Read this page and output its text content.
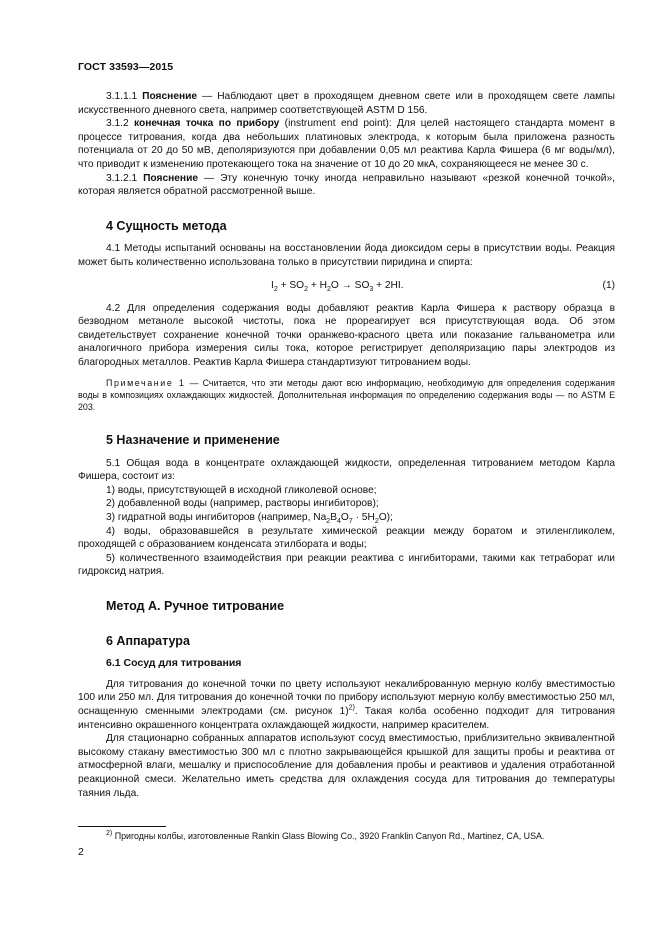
ГОСТ 33593—2015

3.1.1.1 Пояснение — Наблюдают цвет в проходящем дневном свете или в проходящем свете лампы искусственного дневного света, например соответствующей ASTM D 156.

3.1.2 конечная точка по прибору (instrument end point): Для целей настоящего стандарта момент в процессе титрования, когда два небольших платиновых электрода, к которым была приложена разность потенциала от 20 до 50 мВ, деполяризуются при добавлении 0,05 мл реактива Карла Фишера (6 мг воды/мл), что приводит к изменению протекающего тока на значение от 10 до 20 мкА, сохраняющееся не менее 30 с.

3.1.2.1 Пояснение — Эту конечную точку иногда неправильно называют «резкой конечной точкой», которая является обратной рассмотренной выше.

4 Сущность метода

4.1 Методы испытаний основаны на восстановлении йода диоксидом серы в присутствии воды. Реакция может быть количественно использована только в присутствии пиридина и спирта:

$I_2 + SO_2 + H_2O \to SO_3 + 2HI$.	(1)

4.2 Для определения содержания воды добавляют реактив Карла Фишера к раствору образца в безводном метаноле высокой чистоты, пока не прореагирует вся присутствующая вода. Об этом свидетельствует сохранение конечной точки оранжево-красного цвета или показание гальванометра или аналогичного прибора измерения силы тока, которое регистрирует деполяризацию пары электродов из благородных металлов. Реактив Карла Фишера стандартизуют титрованием воды.

Примечание 1 — Считается, что эти методы дают всю информацию, необходимую для определения содержания воды в композициях охлаждающих жидкостей. Дополнительная информация по определению содержания воды — по ASTM E 203.

5 Назначение и применение

5.1 Общая вода в концентрате охлаждающей жидкости, определенная титрованием методом Карла Фишера, состоит из:

1) воды, присутствующей в исходной гликолевой основе;

2) добавленной воды (например, растворы ингибиторов);

3) гидратной воды ингибиторов (например, $Na_2B_4O_7 \cdot 5H_2O$);

4) воды, образовавшейся в результате химической реакции между боратом и этиленгликолем, проходящей с образованием конденсата этилбората и воды;

5) количественного взаимодействия при реакции реактива с ингибиторами, такими как тетраборат или гидроксид натрия.

Метод А. Ручное титрование
6 Аппаратура
6.1 Сосуд для титрования

Для титрования до конечной точки по цвету используют некалиброванную мерную колбу вместимостью 100 или 250 мл. Для титрования до конечной точки по прибору используют мерную колбу вместимостью 250 мл, оснащенную сменными электродами (см. рисунок 1)$^{2)}$. Такая колба особенно подходит для титрования интенсивно окрашенного концентрата охлаждающей жидкости, например красителем.

Для стационарно собранных аппаратов используют сосуд вместимостью, приблизительно эквивалентной высокому стакану вместимостью 300 мл с плотно закрывающейся крышкой для защиты пробы и реактива от атмосферной влаги, мешалку и приспособление для добавления пробы и реактивов и удаления отработанной реакционной смеси. Желательно иметь средства для охлаждения сосуда для титрования до температуры таяния льда.

$^{2)}$ Пригодны колбы, изготовленные Rankin Glass Blowing Co., 3920 Franklin Canyon Rd., Martinez, CA, USA.
2
